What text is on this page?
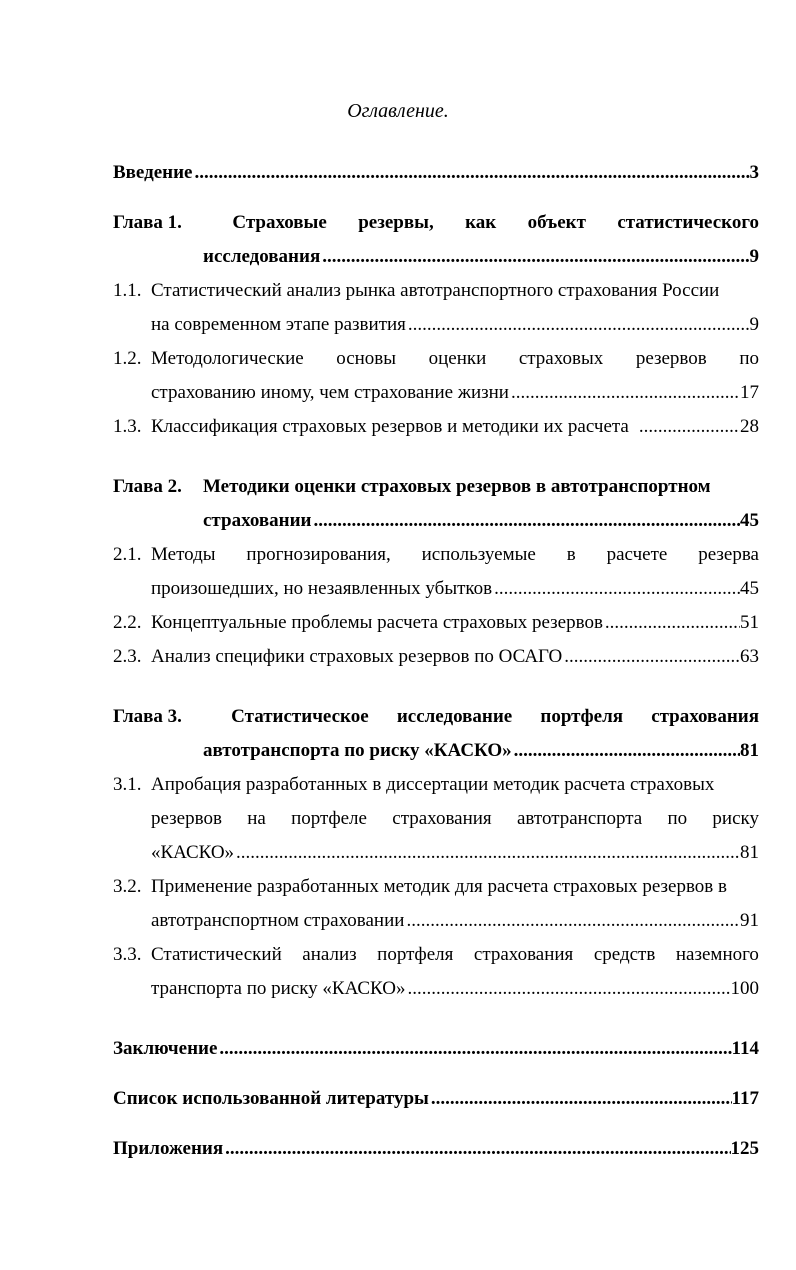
Оглавление.
Введение .....	3
Глава 1.	Страховые резервы, как объект статистического
исследования .....	9
1.1. Статистический анализ рынка автотранспортного страхования России
на современном этапе развития .....	9
1.2. Методологические основы оценки страховых резервов по
страхованию иному, чем страхование жизни .....	17
1.3. Классификация страховых резервов и методики их расчета .....	28
Глава 2.	Методики оценки страховых резервов в автотранспортном
страховании .....	45
2.1. Методы прогнозирования, используемые в расчете резерва
произошедших, но незаявленных убытков .....	45
2.2. Концептуальные проблемы расчета страховых резервов .....	51
2.3. Анализ специфики страховых резервов по ОСАГО .....	63
Глава 3.	Статистическое исследование портфеля страхования
автотранспорта по риску «КАСКО» .....	81
3.1. Апробация разработанных в диссертации методик расчета страховых
резервов на портфеле страхования автотранспорта по риску
«КАСКО» .....	81
3.2. Применение разработанных методик для расчета страховых резервов в
автотранспортном страховании .....	91
3.3. Статистический анализ портфеля страхования средств наземного
транспорта по риску «КАСКО» .....	100
Заключение .....	114
Список использованной литературы .....	117
Приложения .....	125
